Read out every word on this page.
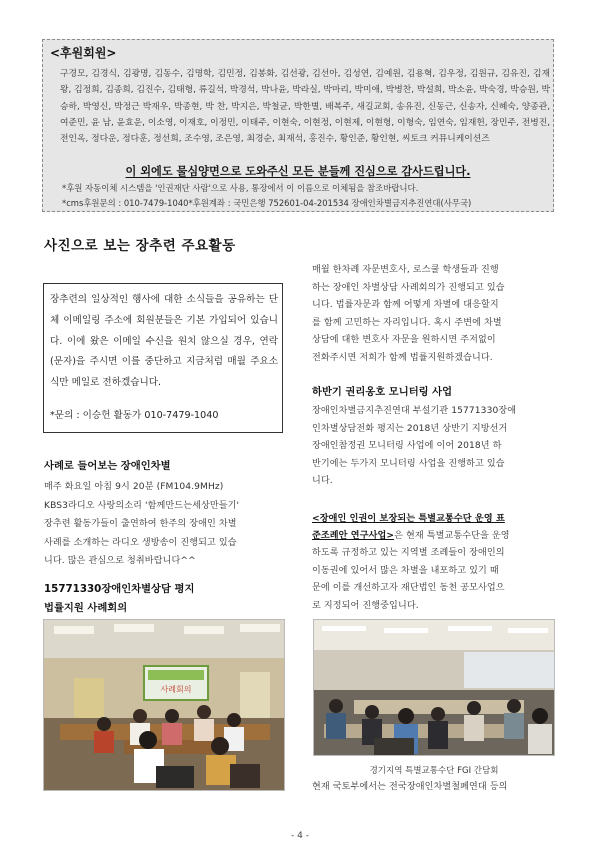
<후원회원>
구경모, 김경식, 김광명, 김동수, 김명학, 김민정, 김봉화, 김선광, 김선아, 김성연, 김예원, 김용혁, 김우정, 김원규, 김유진, 김재왕, 김정희, 김종희, 김진수, 김태형, 류길석, 박경석, 박나윤, 박라실, 박마리, 박미애, 박병찬, 박설희, 박소윤, 박숙경, 박승원, 박승하, 박영신, 박정근 박재우, 박종현, 박 찬, 박지은, 박철균, 박한별, 배복주, 새길교회, 송유진, 신동근, 신송자, 신혜숙, 양종관, 여준민, 윤 남, 윤효운, 이소영, 이재호, 이정민, 이태주, 이현숙, 이현정, 이현제, 이현형, 이형숙, 임연숙, 임재헌, 장민주, 전병진, 전인옥, 정다운, 정다훈, 정선희, 조수영, 조은영, 최경순, 최재석, 홍진수, 황인준, 황인현, 씨토크 커뮤니케이션즈
이 외에도 물심양면으로 도와주신 모든 분들께 진심으로 감사드립니다.
*후원 자동이체 시스템을 '인권재단 사람'으로 사용, 통장에서 이 이름으로 이체됨을 참조바랍니다.
*cms후원문의 : 010-7479-1040*후원계좌 : 국민은행 752601-04-201534 장애인차별금지추진연대(사무국)
사진으로 보는 장추련 주요활동
장추련의 일상적인 행사에 대한 소식들을 공유하는 단체 이메일링 주소에 회원분들은 기본 가입되어 있습니다. 이에 왔은 이메일 수신을 원치 않으실 경우, 연락(문자)을 주시면 이를 중단하고 지금처럼 매월 주요소식만 메일로 전하겠습니다.
*문의 : 이승헌 활동가 010-7479-1040
사례로 들어보는 장애인차별
매주 화요일 아침 9시 20분 (FM104.9MHz)
KBS3라디오 사랑의소리 '함께만드는세상만들기'
장추련 활동가들이 출연하여 한주의 장애인 차별
사례를 소개하는 라디오 생방송이 진행되고 있습
니다. 많은 관심으로 청취바랍니다^^
15771330장애인차별상담 평지
법률지원 사례회의
사례회의
매월 한차례 자문변호사, 로스쿨 학생들과 진행
하는 장애인 차별상담 사례회의가 진행되고 있습
니다. 법률자문과 함께 어떻게 차별에 대응할지
를 함께 고민하는 자리입니다. 혹시 주변에 차별
상담에 대한 변호사 자문을 원하시면 주저없이
전화주시면 저희가 함께 법률지원하겠습니다.
하반기 권리옹호 모니터링 사업
장애인차별금지추진연대 부설기관 15771330장애
인차별상담전화 평지는 2018년 상반기 지방선거
장애인참정권 모니터링 사업에 이어 2018년 하
반기에는 두가지 모니터링 사업을 진행하고 있습
니다.
<장애인 인권이 보장되는 특별교통수단 운영 표
준조례안 연구사업>은 현재 특별교통수단을 운영
하도록 규정하고 있는 지역별 조례들이 장애인의
이동권에 있어서 많은 차별을 내포하고 있기 때
문에 이를 개선하고자 재단법인 동천 공모사업으
로 지정되어 진행중입니다.
경기지역 특별교통수단 FGI 간담회
현재 국토부에서는 전국장애인차별철폐연대 등의
- 4 -
